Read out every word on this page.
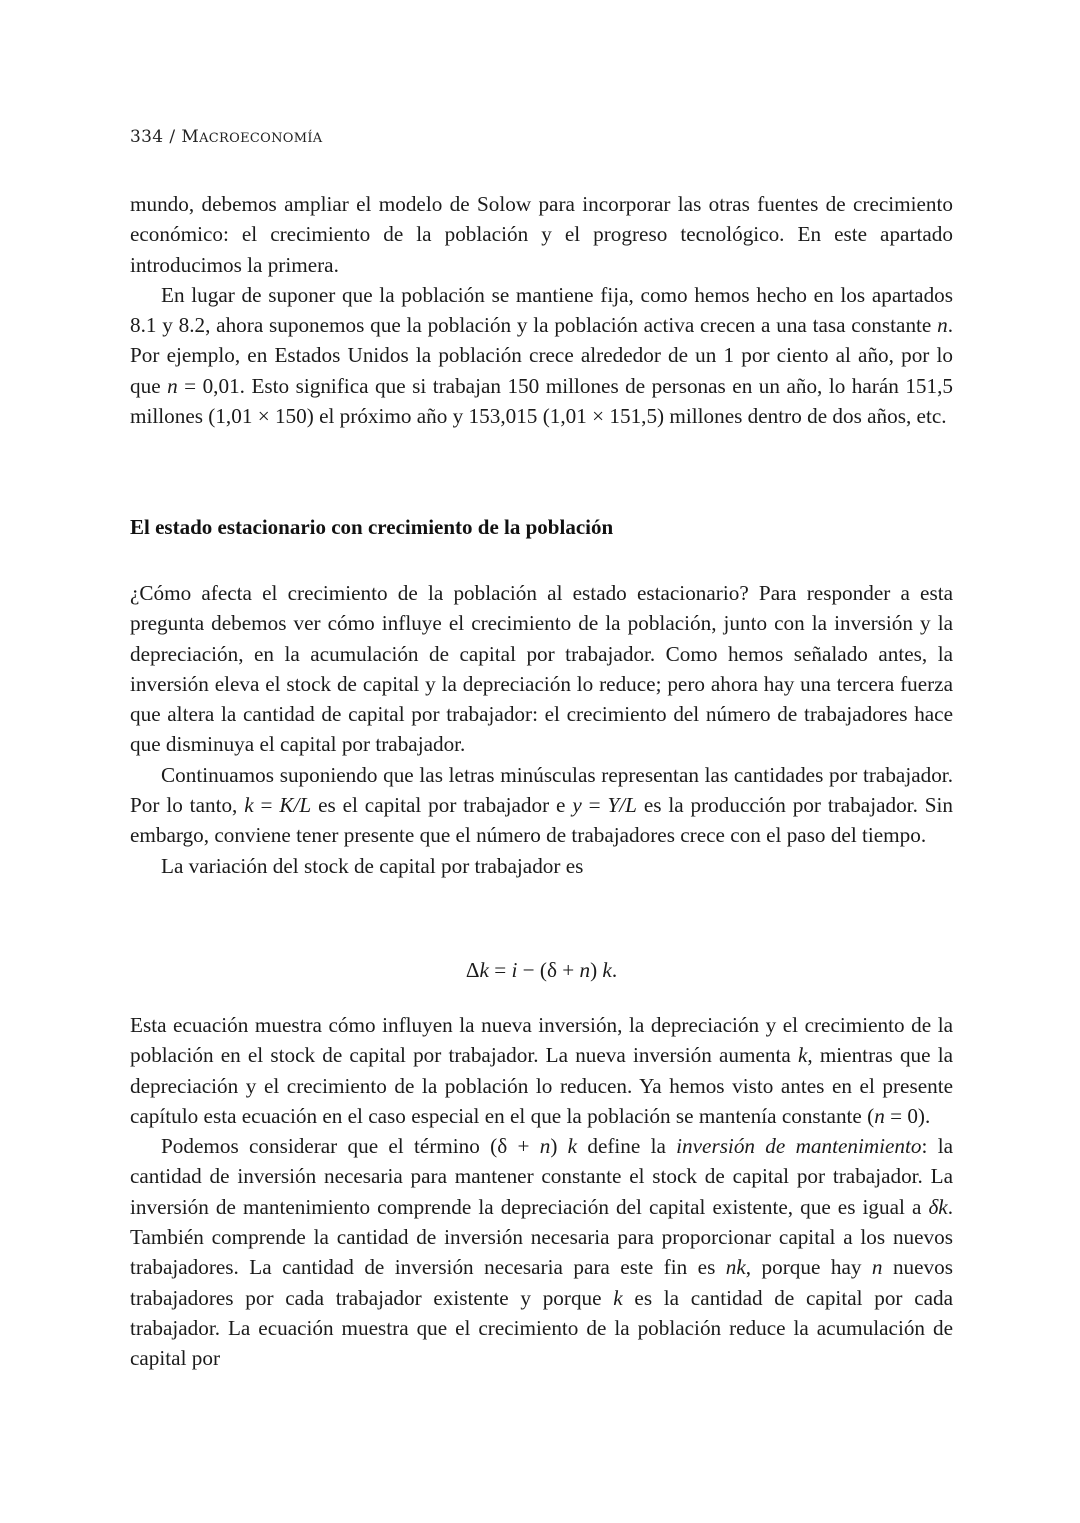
334 / MACROECONOMÍA

mundo, debemos ampliar el modelo de Solow para incorporar las otras fuentes de crecimiento económico: el crecimiento de la población y el progreso tecnológico. En este apartado introducimos la primera.

En lugar de suponer que la población se mantiene fija, como hemos hecho en los apartados 8.1 y 8.2, ahora suponemos que la población y la población activa crecen a una tasa constante n. Por ejemplo, en Estados Unidos la población crece alrededor de un 1 por ciento al año, por lo que n = 0,01. Esto significa que si trabajan 150 millones de personas en un año, lo harán 151,5 millones (1,01 × 150) el próximo año y 153,015 (1,01 × 151,5) millones dentro de dos años, etc.

El estado estacionario con crecimiento de la población

¿Cómo afecta el crecimiento de la población al estado estacionario? Para responder a esta pregunta debemos ver cómo influye el crecimiento de la población, junto con la inversión y la depreciación, en la acumulación de capital por trabajador. Como hemos señalado antes, la inversión eleva el stock de capital y la depreciación lo reduce; pero ahora hay una tercera fuerza que altera la cantidad de capital por trabajador: el crecimiento del número de trabajadores hace que disminuya el capital por trabajador.

Continuamos suponiendo que las letras minúsculas representan las cantidades por trabajador. Por lo tanto, k = K/L es el capital por trabajador e y = Y/L es la producción por trabajador. Sin embargo, conviene tener presente que el número de trabajadores crece con el paso del tiempo.

La variación del stock de capital por trabajador es

Δk = i − (δ + n) k.

Esta ecuación muestra cómo influyen la nueva inversión, la depreciación y el crecimiento de la población en el stock de capital por trabajador. La nueva inversión aumenta k, mientras que la depreciación y el crecimiento de la población lo reducen. Ya hemos visto antes en el presente capítulo esta ecuación en el caso especial en el que la población se mantenía constante (n = 0).

Podemos considerar que el término (δ + n) k define la inversión de mantenimiento: la cantidad de inversión necesaria para mantener constante el stock de capital por trabajador. La inversión de mantenimiento comprende la depreciación del capital existente, que es igual a δk. También comprende la cantidad de inversión necesaria para proporcionar capital a los nuevos trabajadores. La cantidad de inversión necesaria para este fin es nk, porque hay n nuevos trabajadores por cada trabajador existente y porque k es la cantidad de capital por cada trabajador. La ecuación muestra que el crecimiento de la población reduce la acumulación de capital por
